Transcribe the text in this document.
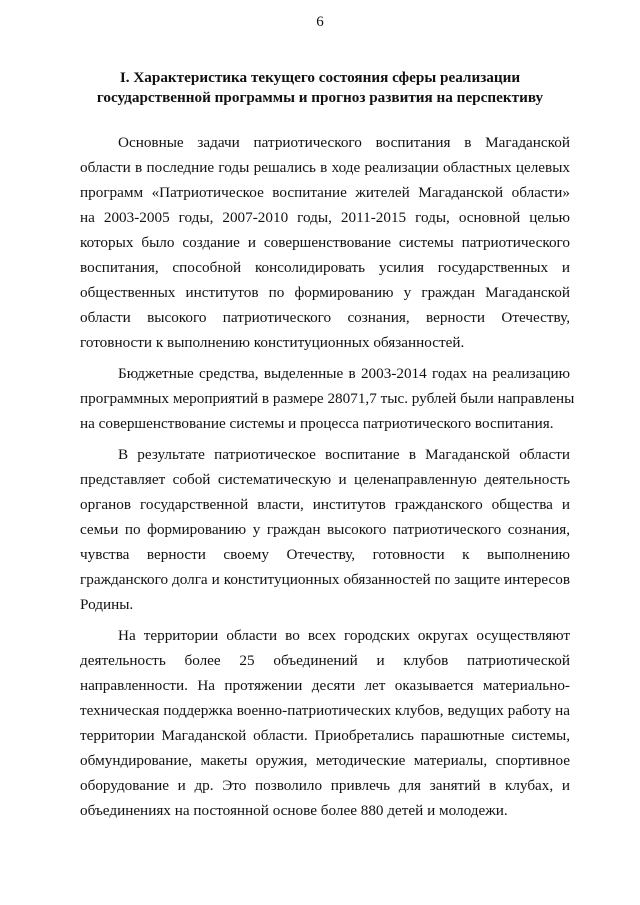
6
I. Характеристика текущего состояния сферы реализации
государственной программы и прогноз развития на перспективу
Основные задачи патриотического воспитания в Магаданской
области в последние годы решались в ходе реализации областных целевых
программ «Патриотическое воспитание жителей Магаданской области»
на 2003-2005 годы, 2007-2010 годы, 2011-2015 годы, основной целью
которых было создание и совершенствование системы патриотического
воспитания, способной консолидировать усилия государственных и
общественных институтов по формированию у граждан Магаданской
области высокого патриотического сознания, верности Отечеству,
готовности к выполнению конституционных обязанностей.
Бюджетные средства, выделенные в 2003-2014 годах на реализацию
программных мероприятий в размере 28071,7 тыс. рублей были направлены
на совершенствование системы и процесса патриотического воспитания.
В результате патриотическое воспитание в Магаданской области
представляет собой систематическую и целенаправленную деятельность
органов государственной власти, институтов гражданского общества и
семьи по формированию у граждан высокого патриотического сознания,
чувства верности своему Отечеству, готовности к выполнению
гражданского долга и конституционных обязанностей по защите интересов
Родины.
На территории области во всех городских округах осуществляют
деятельность более 25 объединений и клубов патриотической
направленности. На протяжении десяти лет оказывается материально-
техническая поддержка военно-патриотических клубов, ведущих работу на
территории Магаданской области. Приобретались парашютные системы,
обмундирование, макеты оружия, методические материалы, спортивное
оборудование и др. Это позволило привлечь для занятий в клубах, и
объединениях на постоянной основе более 880 детей и молодежи.
